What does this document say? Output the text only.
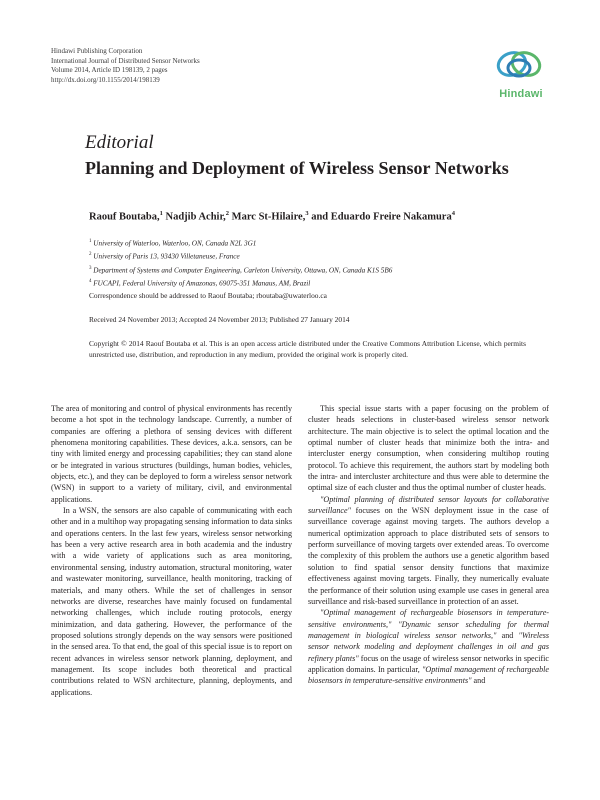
Hindawi Publishing Corporation
International Journal of Distributed Sensor Networks
Volume 2014, Article ID 198139, 2 pages
http://dx.doi.org/10.1155/2014/198139
Hindawi
Editorial
Planning and Deployment of Wireless Sensor Networks
Raouf Boutaba,$^1$ Nadjib Achir,$^2$ Marc St-Hilaire,$^3$ and Eduardo Freire Nakamura$^4$
$^1$ University of Waterloo, Waterloo, ON, Canada N2L 3G1
$^2$ University of Paris 13, 93430 Villetaneuse, France
$^3$ Department of Systems and Computer Engineering, Carleton University, Ottawa, ON, Canada K1S 5B6
$^4$ FUCAPI, Federal University of Amazonas, 69075-351 Manaus, AM, Brazil
Correspondence should be addressed to Raouf Boutaba; rboutaba@uwaterloo.ca
Received 24 November 2013; Accepted 24 November 2013; Published 27 January 2014
Copyright © 2014 Raouf Boutaba et al. This is an open access article distributed under the Creative Commons Attribution License, which permits unrestricted use, distribution, and reproduction in any medium, provided the original work is properly cited.

The area of monitoring and control of physical environments has recently become a hot spot in the technology landscape. Currently, a number of companies are offering a plethora of sensing devices with different phenomena monitoring capabilities. These devices, a.k.a. sensors, can be tiny with limited energy and processing capabilities; they can stand alone or be integrated in various structures (buildings, human bodies, vehicles, objects, etc.), and they can be deployed to form a wireless sensor network (WSN) in support to a variety of military, civil, and environmental applications.

In a WSN, the sensors are also capable of communicating with each other and in a multihop way propagating sensing information to data sinks and operations centers. In the last few years, wireless sensor networking has been a very active research area in both academia and the industry with a wide variety of applications such as area monitoring, environmental sensing, industry automation, structural monitoring, water and wastewater monitoring, surveillance, health monitoring, tracking of materials, and many others. While the set of challenges in sensor networks are diverse, researches have mainly focused on fundamental networking challenges, which include routing protocols, energy minimization, and data gathering. However, the performance of the proposed solutions strongly depends on the way sensors were positioned in the sensed area. To that end, the goal of this special issue is to report on recent advances in wireless sensor network planning, deployment, and management. Its scope includes both theoretical and practical contributions related to WSN architecture, planning, deployments, and applications.

This special issue starts with a paper focusing on the problem of cluster heads selections in cluster-based wireless sensor network architecture. The main objective is to select the optimal location and the optimal number of cluster heads that minimize both the intra- and intercluster energy consumption, when considering multihop routing protocol. To achieve this requirement, the authors start by modeling both the intra- and intercluster architecture and thus were able to determine the optimal size of each cluster and thus the optimal number of cluster heads.

"Optimal planning of distributed sensor layouts for collaborative surveillance" focuses on the WSN deployment issue in the case of surveillance coverage against moving targets. The authors develop a numerical optimization approach to place distributed sets of sensors to perform surveillance of moving targets over extended areas. To overcome the complexity of this problem the authors use a genetic algorithm based solution to find spatial sensor density functions that maximize effectiveness against moving targets. Finally, they numerically evaluate the performance of their solution using example use cases in general area surveillance and risk-based surveillance in protection of an asset.

"Optimal management of rechargeable biosensors in temperature-sensitive environments," "Dynamic sensor scheduling for thermal management in biological wireless sensor networks," and "Wireless sensor network modeling and deployment challenges in oil and gas refinery plants" focus on the usage of wireless sensor networks in specific application domains. In particular, "Optimal management of rechargeable biosensors in temperature-sensitive environments" and
